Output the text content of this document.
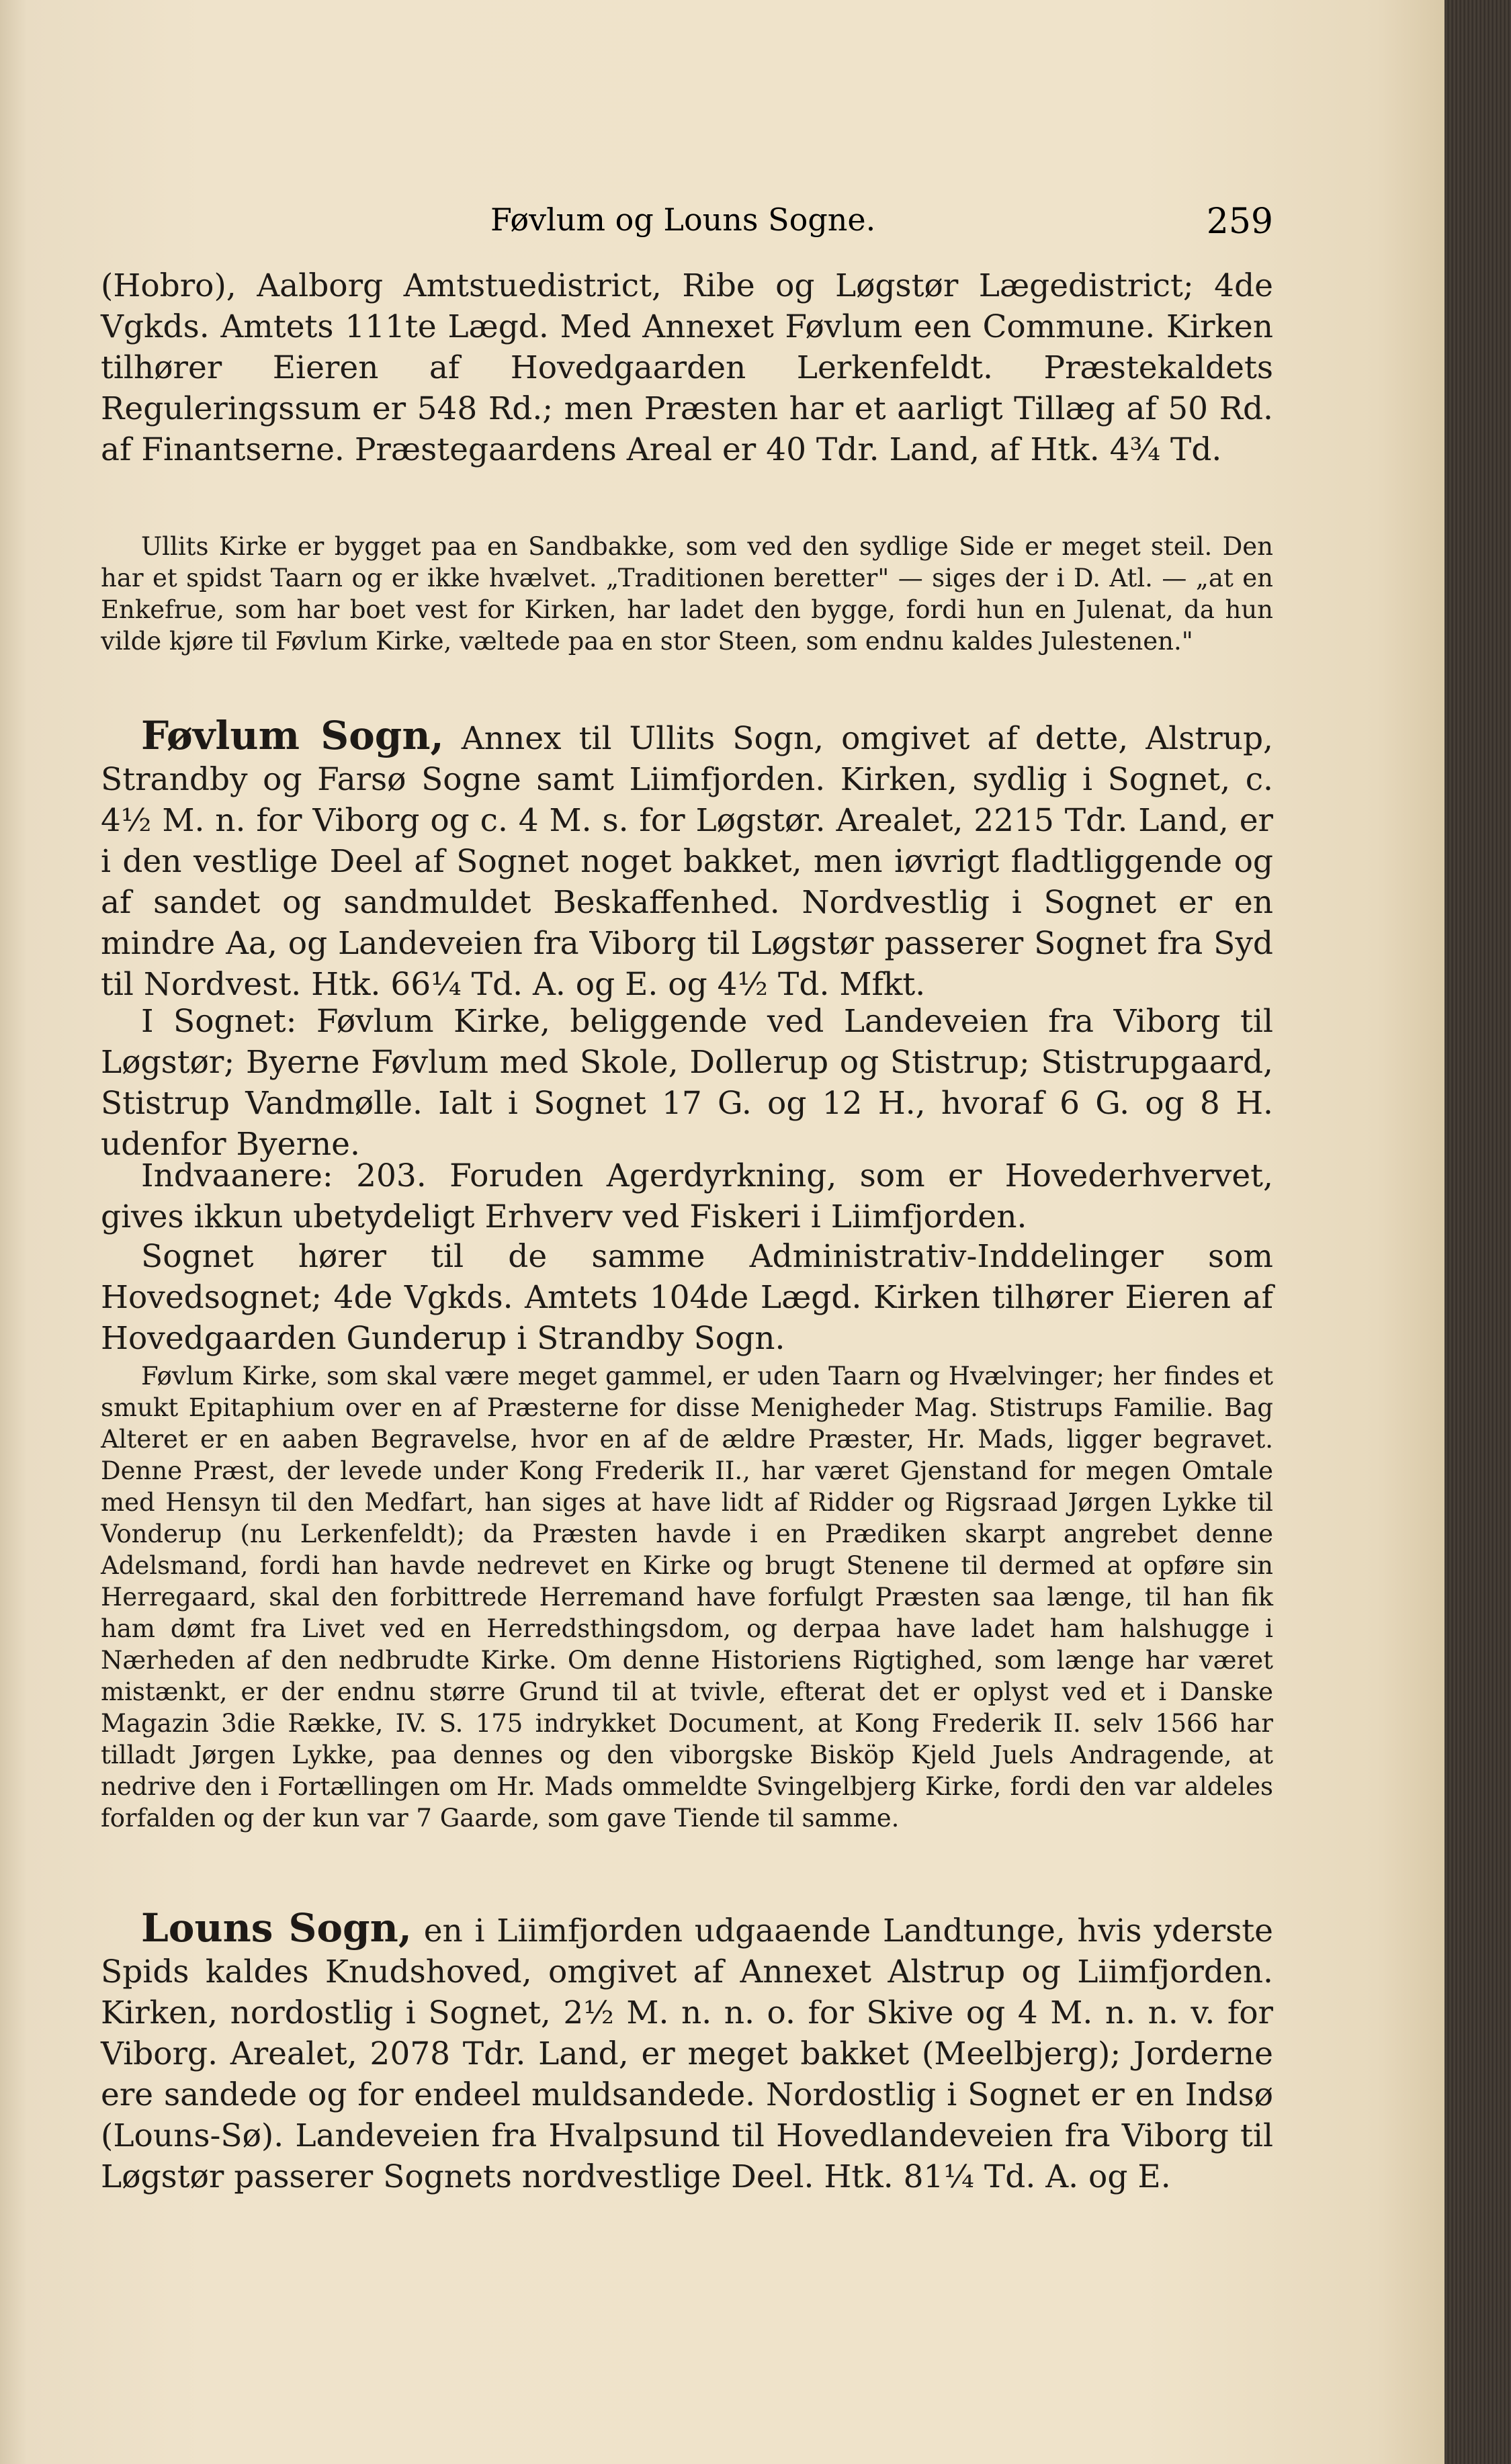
Føvlum og Louns Sogne.	259

(Hobro), Aalborg Amtstuedistrict, Ribe og Løgstør Lægedistrict; 4de Vgkds. Amtets 111te Lægd. Med Annexet Føvlum een Commune. Kirken tilhører Eieren af Hovedgaarden Lerkenfeldt. Præstekaldets Reguleringssum er 548 Rd.; men Præsten har et aarligt Tillæg af 50 Rd. af Finantserne. Præstegaardens Areal er 40 Tdr. Land, af Htk. 4¾ Td.

Ullits Kirke er bygget paa en Sandbakke, som ved den sydlige Side er meget steil. Den har et spidst Taarn og er ikke hvælvet. „Traditionen beretter" — siges der i D. Atl. — „at en Enkefrue, som har boet vest for Kirken, har ladet den bygge, fordi hun en Julenat, da hun vilde kjøre til Føvlum Kirke, væltede paa en stor Steen, som endnu kaldes Julestenen."

Føvlum Sogn, Annex til Ullits Sogn, omgivet af dette, Alstrup, Strandby og Farsø Sogne samt Liimfjorden. Kirken, sydlig i Sognet, c. 4½ M. n. for Viborg og c. 4 M. s. for Løgstør. Arealet, 2215 Tdr. Land, er i den vestlige Deel af Sognet noget bakket, men iøvrigt fladtliggende og af sandet og sandmuldet Beskaffenhed. Nordvestlig i Sognet er en mindre Aa, og Landeveien fra Viborg til Løgstør passerer Sognet fra Syd til Nordvest. Htk. 66¼ Td. A. og E. og 4½ Td. Mfkt.

I Sognet: Føvlum Kirke, beliggende ved Landeveien fra Viborg til Løgstør; Byerne Føvlum med Skole, Dollerup og Stistrup; Stistrupgaard, Stistrup Vandmølle. Ialt i Sognet 17 G. og 12 H., hvoraf 6 G. og 8 H. udenfor Byerne.

Indvaanere: 203. Foruden Agerdyrkning, som er Hovederhvervet, gives ikkun ubetydeligt Erhverv ved Fiskeri i Liimfjorden.

Sognet hører til de samme Administrativ-Inddelinger som Hovedsognet; 4de Vgkds. Amtets 104de Lægd. Kirken tilhører Eieren af Hovedgaarden Gunderup i Strandby Sogn.

Føvlum Kirke, som skal være meget gammel, er uden Taarn og Hvælvinger; her findes et smukt Epitaphium over en af Præsterne for disse Menigheder Mag. Stistrups Familie. Bag Alteret er en aaben Begravelse, hvor en af de ældre Præster, Hr. Mads, ligger begravet. Denne Præst, der levede under Kong Frederik II., har været Gjenstand for megen Omtale med Hensyn til den Medfart, han siges at have lidt af Ridder og Rigsraad Jørgen Lykke til Vonderup (nu Lerkenfeldt); da Præsten havde i en Prædiken skarpt angrebet denne Adelsmand, fordi han havde nedrevet en Kirke og brugt Stenene til dermed at opføre sin Herregaard, skal den forbittrede Herremand have forfulgt Præsten saa længe, til han fik ham dømt fra Livet ved en Herredsthingsdom, og derpaa have ladet ham halshugge i Nærheden af den nedbrudte Kirke. Om denne Historiens Rigtighed, som længe har været mistænkt, er der endnu større Grund til at tvivle, efterat det er oplyst ved et i Danske Magazin 3die Række, IV. S. 175 indrykket Document, at Kong Frederik II. selv 1566 har tilladt Jørgen Lykke, paa dennes og den viborgske Bisköp Kjeld Juels Andragende, at nedrive den i Fortællingen om Hr. Mads ommeldte Svingelbjerg Kirke, fordi den var aldeles forfalden og der kun var 7 Gaarde, som gave Tiende til samme.

Louns Sogn, en i Liimfjorden udgaaende Landtunge, hvis yderste Spids kaldes Knudshoved, omgivet af Annexet Alstrup og Liimfjorden. Kirken, nordostlig i Sognet, 2½ M. n. n. o. for Skive og 4 M. n. n. v. for Viborg. Arealet, 2078 Tdr. Land, er meget bakket (Meelbjerg); Jorderne ere sandede og for endeel muldsandede. Nordostlig i Sognet er en Indsø (Louns-Sø). Landeveien fra Hvalpsund til Hovedlandeveien fra Viborg til Løgstør passerer Sognets nordvestlige Deel. Htk. 81¼ Td. A. og E.
